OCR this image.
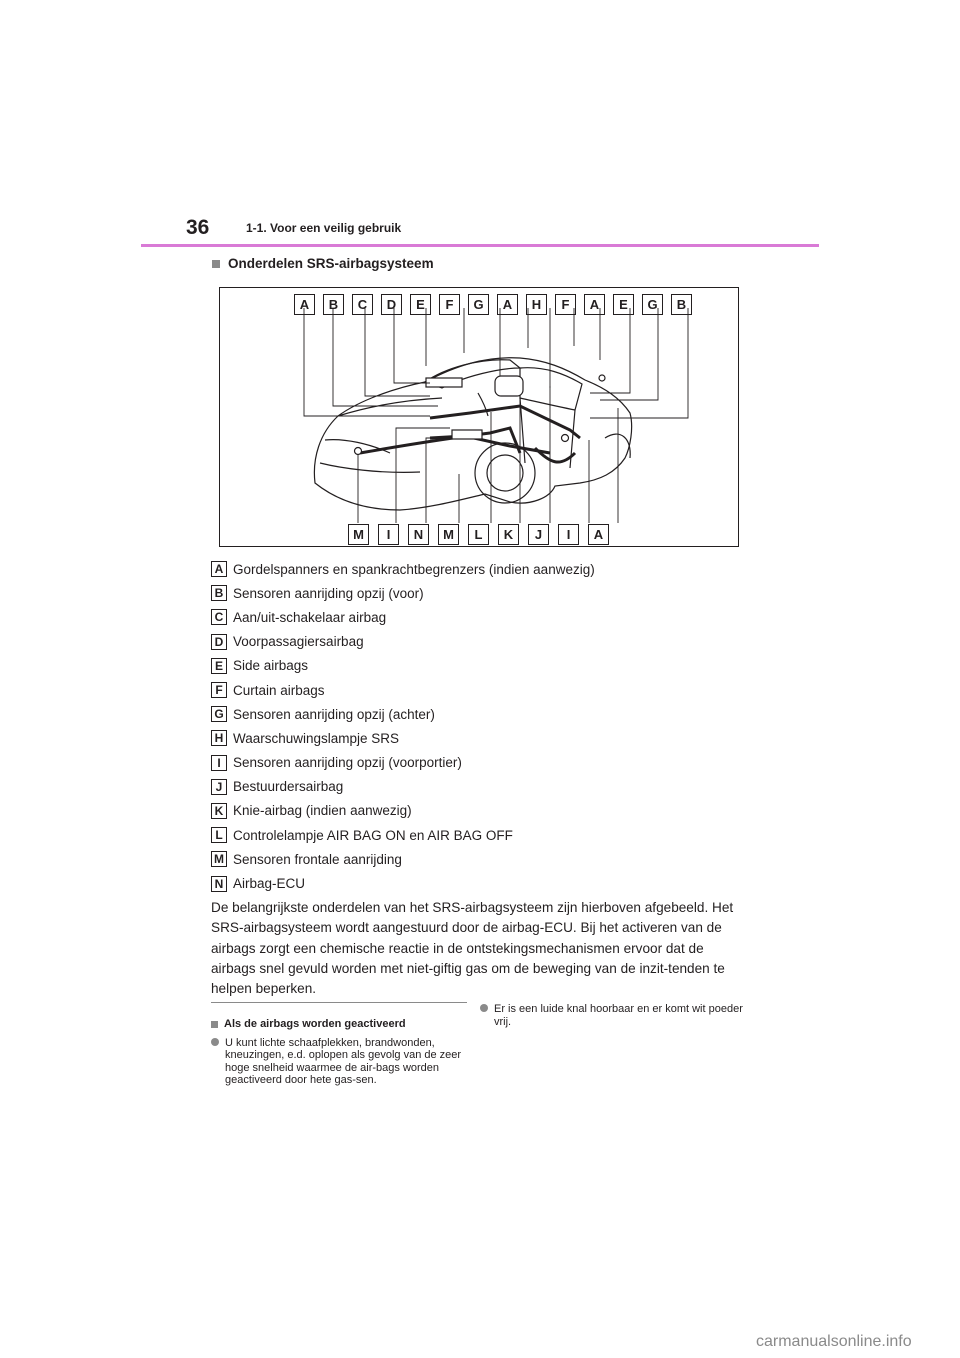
36	1-1. Voor een veilig gebruik
Onderdelen SRS-airbagsysteem
A	B	C	D	E	F	G	A	H	F	A	E	G	B
M	I	N	M	L	K	J	I	A
A Gordelspanners en spankrachtbegrenzers (indien aanwezig)
B Sensoren aanrijding opzij (voor)
C Aan/uit-schakelaar airbag
D Voorpassagiersairbag
E Side airbags
F Curtain airbags
G Sensoren aanrijding opzij (achter)
H Waarschuwingslampje SRS
I Sensoren aanrijding opzij (voorportier)
J Bestuurdersairbag
K Knie-airbag (indien aanwezig)
L Controlelampje AIR BAG ON en AIR BAG OFF
M Sensoren frontale aanrijding
N Airbag-ECU
De belangrijkste onderdelen van het SRS-airbagsysteem zijn hierboven afgebeeld. Het SRS-airbagsysteem wordt aangestuurd door de airbag-ECU. Bij het activeren van de airbags zorgt een chemische reactie in de ontstekingsmechanismen ervoor dat de airbags snel gevuld worden met niet-giftig gas om de beweging van de inzit-tenden te helpen beperken.
Als de airbags worden geactiveerd
U kunt lichte schaafplekken, brandwonden, kneuzingen, e.d. oplopen als gevolg van de zeer hoge snelheid waarmee de air-bags worden geactiveerd door hete gas-sen.
Er is een luide knal hoorbaar en er komt wit poeder vrij.
carmanualsonline.info
